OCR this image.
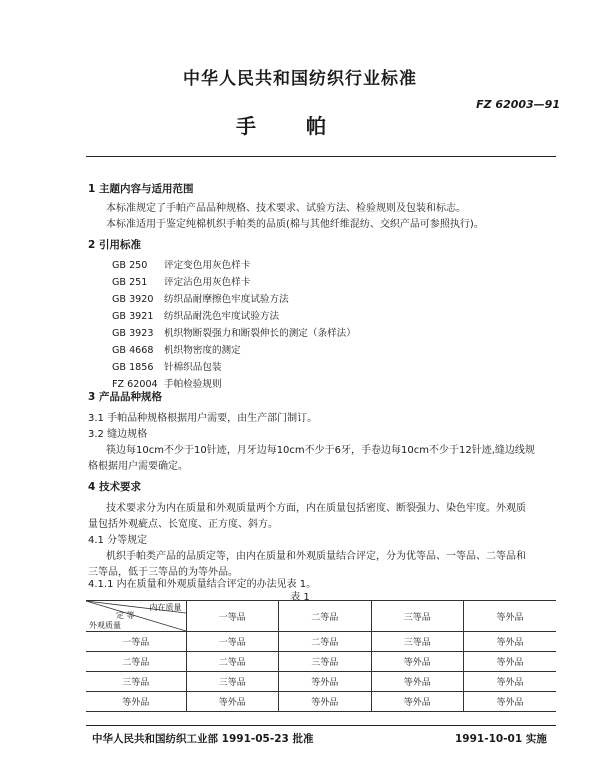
中华人民共和国纺织行业标准
FZ 62003—91
手帕
1 主题内容与适用范围
本标准规定了手帕产品品种规格、技术要求、试验方法、检验规则及包装和标志。
本标准适用于鉴定纯棉机织手帕类的品质(棉与其他纤维混纺、交织产品可参照执行)。
2 引用标准
GB 250 评定变色用灰色样卡
GB 251 评定沾色用灰色样卡
GB 3920 纺织品耐摩擦色牢度试验方法
GB 3921 纺织品耐洗色牢度试验方法
GB 3923 机织物断裂强力和断裂伸长的测定（条样法）
GB 4668 机织物密度的测定
GB 1856 针棉织品包装
FZ 62004 手帕检验规则
3 产品品种规格
3.1 手帕品种规格根据用户需要，由生产部门制订。
3.2 缝边规格
筷边每10cm不少于10针迹，月牙边每10cm不少于6牙，手卷边每10cm不少于12针迹,缝边线规
格根据用户需要确定。
4 技术要求
技术要求分为内在质量和外观质量两个方面，内在质量包括密度、断裂强力、染色牢度。外观质
量包括外观疵点、长宽度、正方度、斜方。
4.1 分等规定
机织手帕类产品的品质定等，由内在质量和外观质量结合评定，分为优等品、一等品、二等品和
三等品，低于三等品的为等外品。
4.1.1 内在质量和外观质量结合评定的办法见表 1。
表 1
内在质量
定 等
外观质量	一等品	二等品	三等品	等外品
一等品	一等品	二等品	三等品	等外品
二等品	二等品	三等品	等外品	等外品
三等品	三等品	等外品	等外品	等外品
等外品	等外品	等外品	等外品	等外品
中华人民共和国纺织工业部 1991-05-23 批准	1991-10-01 实施
